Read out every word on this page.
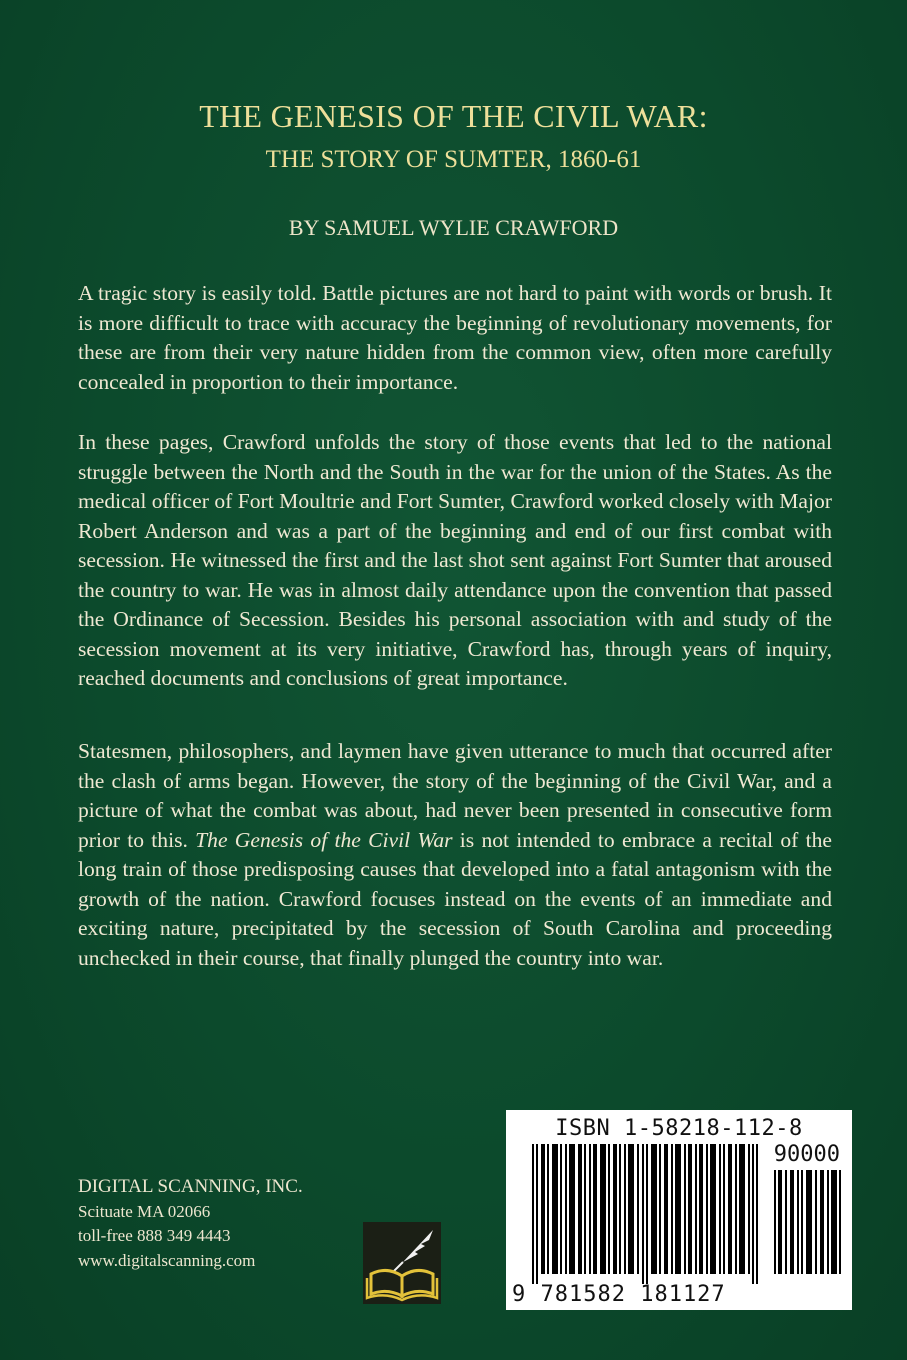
THE GENESIS OF THE CIVIL WAR:
THE STORY OF SUMTER, 1860-61

BY SAMUEL WYLIE CRAWFORD

A tragic story is easily told. Battle pictures are not hard to paint with words or brush. It is more difficult to trace with accuracy the beginning of revolutionary movements, for these are from their very nature hidden from the common view, often more carefully concealed in proportion to their importance.

In these pages, Crawford unfolds the story of those events that led to the national struggle between the North and the South in the war for the union of the States. As the medical officer of Fort Moultrie and Fort Sumter, Crawford worked closely with Major Robert Anderson and was a part of the beginning and end of our first combat with secession. He witnessed the first and the last shot sent against Fort Sumter that aroused the country to war. He was in almost daily attendance upon the convention that passed the Ordinance of Secession. Besides his personal association with and study of the secession movement at its very initiative, Crawford has, through years of inquiry, reached documents and conclusions of great importance.

Statesmen, philosophers, and laymen have given utterance to much that occurred after the clash of arms began. However, the story of the beginning of the Civil War, and a picture of what the combat was about, had never been presented in consecutive form prior to this. The Genesis of the Civil War is not intended to embrace a recital of the long train of those predisposing causes that developed into a fatal antagonism with the growth of the nation. Crawford focuses instead on the events of an immediate and exciting nature, precipitated by the secession of South Carolina and proceeding unchecked in their course, that finally plunged the country into war.

DIGITAL SCANNING, INC.
Scituate MA 02066
toll-free 888 349 4443
www.digitalscanning.com
ISBN 1-58218-112-8
90000
9 781582 181127
